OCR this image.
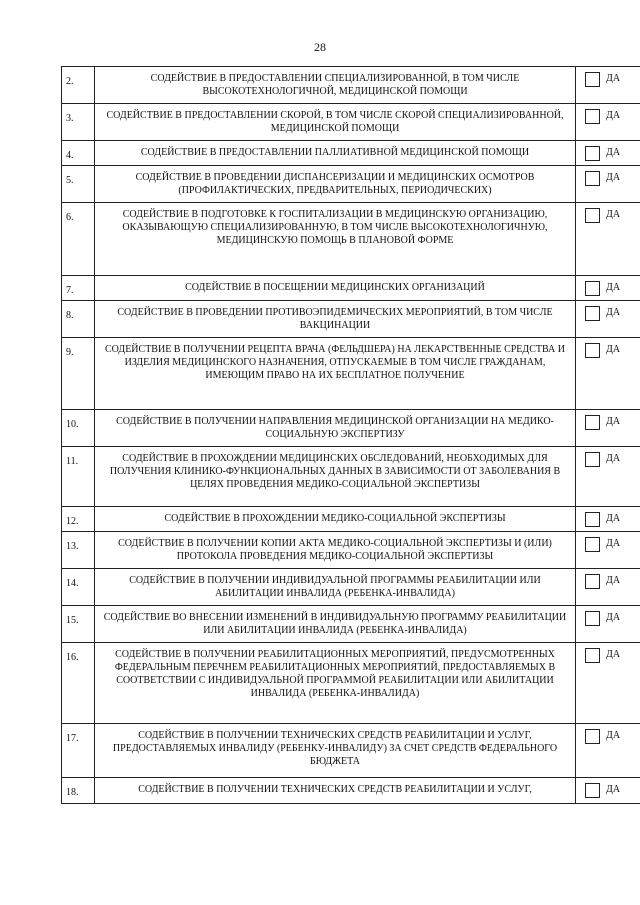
28
2.	СОДЕЙСТВИЕ В ПРЕДОСТАВЛЕНИИ СПЕЦИАЛИЗИРОВАННОЙ, В ТОМ ЧИСЛЕ ВЫСОКОТЕХНОЛОГИЧНОЙ, МЕДИЦИНСКОЙ ПОМОЩИ	ДА
3.	СОДЕЙСТВИЕ В ПРЕДОСТАВЛЕНИИ СКОРОЙ, В ТОМ ЧИСЛЕ СКОРОЙ СПЕЦИАЛИЗИРОВАННОЙ, МЕДИЦИНСКОЙ ПОМОЩИ	ДА
4.	СОДЕЙСТВИЕ В ПРЕДОСТАВЛЕНИИ ПАЛЛИАТИВНОЙ МЕДИЦИНСКОЙ ПОМОЩИ	ДА
5.	СОДЕЙСТВИЕ В ПРОВЕДЕНИИ ДИСПАНСЕРИЗАЦИИ И МЕДИЦИНСКИХ ОСМОТРОВ (ПРОФИЛАКТИЧЕСКИХ, ПРЕДВАРИТЕЛЬНЫХ, ПЕРИОДИЧЕСКИХ)	ДА
6.	СОДЕЙСТВИЕ В ПОДГОТОВКЕ К ГОСПИТАЛИЗАЦИИ В МЕДИЦИНСКУЮ ОРГАНИЗАЦИЮ, ОКАЗЫВАЮЩУЮ СПЕЦИАЛИЗИРОВАННУЮ, В ТОМ ЧИСЛЕ ВЫСОКОТЕХНОЛОГИЧНУЮ, МЕДИЦИНСКУЮ ПОМОЩЬ В ПЛАНОВОЙ ФОРМЕ	ДА
7.	СОДЕЙСТВИЕ В ПОСЕЩЕНИИ МЕДИЦИНСКИХ ОРГАНИЗАЦИЙ	ДА
8.	СОДЕЙСТВИЕ В ПРОВЕДЕНИИ ПРОТИВОЭПИДЕМИЧЕСКИХ МЕРОПРИЯТИЙ, В ТОМ ЧИСЛЕ ВАКЦИНАЦИИ	ДА
9.	СОДЕЙСТВИЕ В ПОЛУЧЕНИИ РЕЦЕПТА ВРАЧА (ФЕЛЬДШЕРА) НА ЛЕКАРСТВЕННЫЕ СРЕДСТВА И ИЗДЕЛИЯ МЕДИЦИНСКОГО НАЗНАЧЕНИЯ, ОТПУСКАЕМЫЕ В ТОМ ЧИСЛЕ ГРАЖДАНАМ, ИМЕЮЩИМ ПРАВО НА ИХ БЕСПЛАТНОЕ ПОЛУЧЕНИЕ	ДА
10.	СОДЕЙСТВИЕ В ПОЛУЧЕНИИ НАПРАВЛЕНИЯ МЕДИЦИНСКОЙ ОРГАНИЗАЦИИ НА МЕДИКО-СОЦИАЛЬНУЮ ЭКСПЕРТИЗУ	ДА
11.	СОДЕЙСТВИЕ В ПРОХОЖДЕНИИ МЕДИЦИНСКИХ ОБСЛЕДОВАНИЙ, НЕОБХОДИМЫХ ДЛЯ ПОЛУЧЕНИЯ КЛИНИКО-ФУНКЦИОНАЛЬНЫХ ДАННЫХ В ЗАВИСИМОСТИ ОТ ЗАБОЛЕВАНИЯ В ЦЕЛЯХ ПРОВЕДЕНИЯ МЕДИКО-СОЦИАЛЬНОЙ ЭКСПЕРТИЗЫ	ДА
12.	СОДЕЙСТВИЕ В ПРОХОЖДЕНИИ МЕДИКО-СОЦИАЛЬНОЙ ЭКСПЕРТИЗЫ	ДА
13.	СОДЕЙСТВИЕ В ПОЛУЧЕНИИ КОПИИ АКТА МЕДИКО-СОЦИАЛЬНОЙ ЭКСПЕРТИЗЫ И (ИЛИ) ПРОТОКОЛА ПРОВЕДЕНИЯ МЕДИКО-СОЦИАЛЬНОЙ ЭКСПЕРТИЗЫ	ДА
14.	СОДЕЙСТВИЕ В ПОЛУЧЕНИИ ИНДИВИДУАЛЬНОЙ ПРОГРАММЫ РЕАБИЛИТАЦИИ ИЛИ АБИЛИТАЦИИ ИНВАЛИДА (РЕБЕНКА-ИНВАЛИДА)	ДА
15.	СОДЕЙСТВИЕ ВО ВНЕСЕНИИ ИЗМЕНЕНИЙ В ИНДИВИДУАЛЬНУЮ ПРОГРАММУ РЕАБИЛИТАЦИИ ИЛИ АБИЛИТАЦИИ ИНВАЛИДА (РЕБЕНКА-ИНВАЛИДА)	ДА
16.	СОДЕЙСТВИЕ В ПОЛУЧЕНИИ РЕАБИЛИТАЦИОННЫХ МЕРОПРИЯТИЙ, ПРЕДУСМОТРЕННЫХ ФЕДЕРАЛЬНЫМ ПЕРЕЧНЕМ РЕАБИЛИТАЦИОННЫХ МЕРОПРИЯТИЙ, ПРЕДОСТАВЛЯЕМЫХ В СООТВЕТСТВИИ С ИНДИВИДУАЛЬНОЙ ПРОГРАММОЙ РЕАБИЛИТАЦИИ ИЛИ АБИЛИТАЦИИ ИНВАЛИДА (РЕБЕНКА-ИНВАЛИДА)	ДА
17.	СОДЕЙСТВИЕ В ПОЛУЧЕНИИ ТЕХНИЧЕСКИХ СРЕДСТВ РЕАБИЛИТАЦИИ И УСЛУГ, ПРЕДОСТАВЛЯЕМЫХ ИНВАЛИДУ (РЕБЕНКУ-ИНВАЛИДУ) ЗА СЧЕТ СРЕДСТВ ФЕДЕРАЛЬНОГО БЮДЖЕТА	ДА
18.	СОДЕЙСТВИЕ В ПОЛУЧЕНИИ ТЕХНИЧЕСКИХ СРЕДСТВ РЕАБИЛИТАЦИИ И УСЛУГ,	ДА
